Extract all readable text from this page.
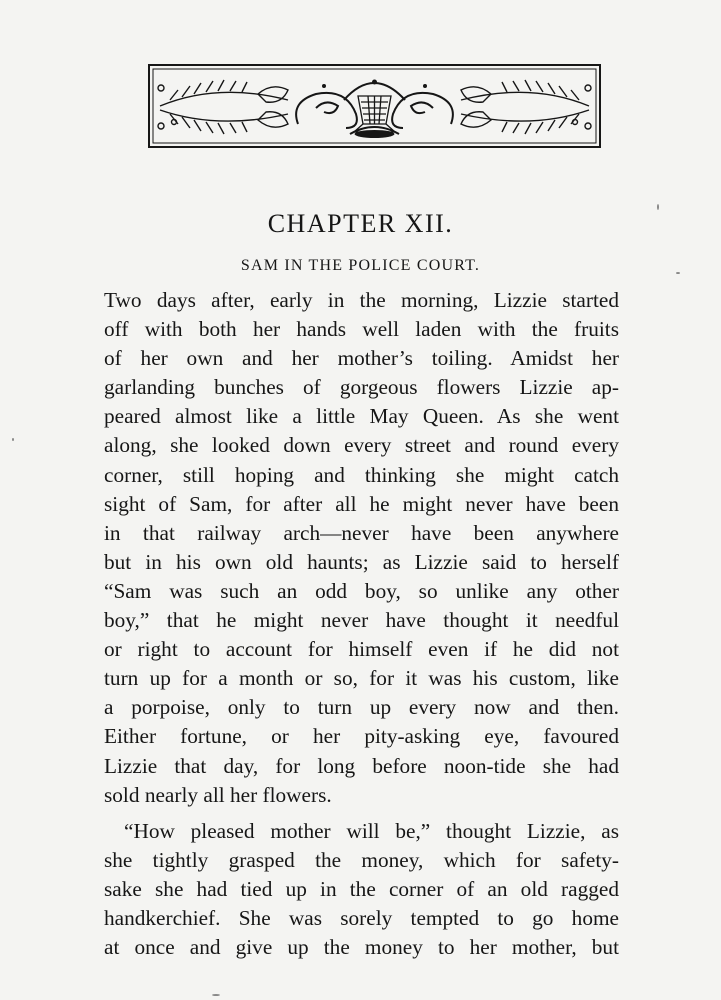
CHAPTER XII.
SAM IN THE POLICE COURT.
Two days after, early in the morning, Lizzie started
off with both her hands well laden with the fruits
of her own and her mother’s toiling. Amidst her
garlanding bunches of gorgeous flowers Lizzie ap-
peared almost like a little May Queen. As she went
along, she looked down every street and round every
corner, still hoping and thinking she might catch
sight of Sam, for after all he might never have been
in that railway arch—never have been anywhere
but in his own old haunts; as Lizzie said to herself
“Sam was such an odd boy, so unlike any other
boy,” that he might never have thought it needful
or right to account for himself even if he did not
turn up for a month or so, for it was his custom, like
a porpoise, only to turn up every now and then.
Either fortune, or her pity-asking eye, favoured
Lizzie that day, for long before noon-tide she had
sold nearly all her flowers.
“How pleased mother will be,” thought Lizzie, as
she tightly grasped the money, which for safety-
sake she had tied up in the corner of an old ragged
handkerchief. She was sorely tempted to go home
at once and give up the money to her mother, but
